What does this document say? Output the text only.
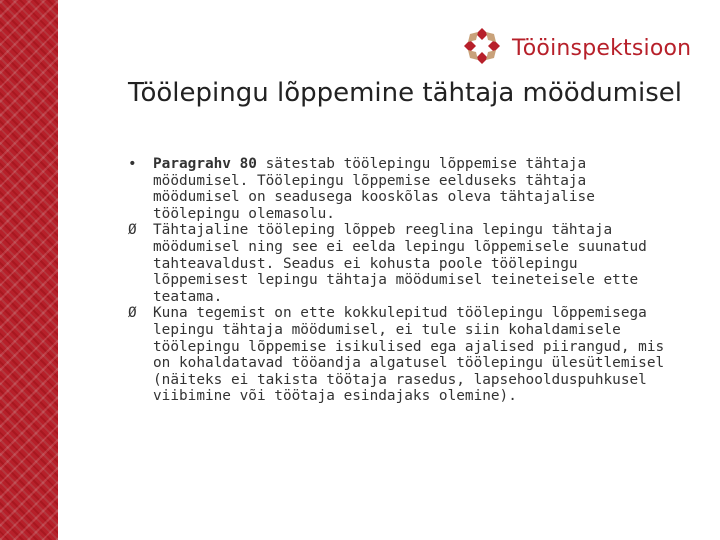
Tööinspektsioon
Töölepingu lõppemine tähtaja möödumisel

• Paragrahv 80 sätestab töölepingu lõppemise tähtaja möödumisel. Töölepingu lõppemise eelduseks tähtaja möödumisel on seadusega kooskõlas oleva tähtajalise töölepingu olemasolu.

Ø Tähtajaline tööleping lõppeb reeglina lepingu tähtaja möödumisel ning see ei eelda lepingu lõppemisele suunatud tahteavaldust. Seadus ei kohusta poole töölepingu lõppemisest lepingu tähtaja möödumisel teineteisele ette teatama.

Ø Kuna tegemist on ette kokkulepitud töölepingu lõppemisega lepingu tähtaja möödumisel, ei tule siin kohaldamisele töölepingu lõppemise isikulised ega ajalised piirangud, mis on kohaldatavad tööandja algatusel töölepingu ülesütlemisel (näiteks ei takista töötaja rasedus, lapsehoolduspuhkusel viibimine või töötaja esindajaks olemine).
